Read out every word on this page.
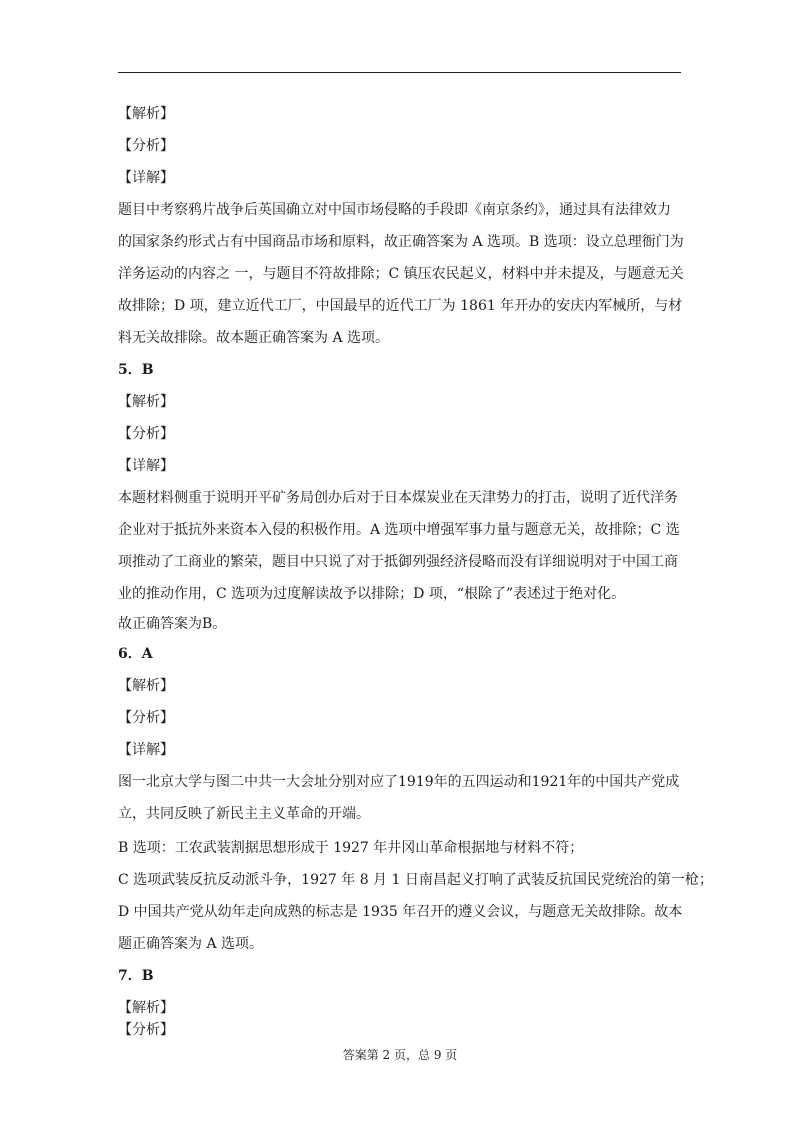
【解析】
【分析】
【详解】
题目中考察鸦片战争后英国确立对中国市场侵略的手段即《南京条约》，通过具有法律效力
的国家条约形式占有中国商品市场和原料，故正确答案为 A 选项。B 选项：设立总理衙门为
洋务运动的内容之 一，与题目不符故排除；C 镇压农民起义，材料中并未提及，与题意无关
故排除；D 项，建立近代工厂，中国最早的近代工厂为 1861 年开办的安庆内军械所，与材
料无关故排除。故本题正确答案为 A 选项。
5．B
【解析】
【分析】
【详解】
本题材料侧重于说明开平矿务局创办后对于日本煤炭业在天津势力的打击，说明了近代洋务
企业对于抵抗外来资本入侵的积极作用。A 选项中增强军事力量与题意无关，故排除；C 选
项推动了工商业的繁荣，题目中只说了对于抵御列强经济侵略而没有详细说明对于中国工商
业的推动作用，C 选项为过度解读故予以排除；D 项，“根除了”表述过于绝对化。
故正确答案为B。
6．A
【解析】
【分析】
【详解】
图一北京大学与图二中共一大会址分别对应了1919年的五四运动和1921年的中国共产党成
立，共同反映了新民主主义革命的开端。
B 选项：工农武装割据思想形成于 1927 年井冈山革命根据地与材料不符；
C 选项武装反抗反动派斗争，1927 年 8 月 1 日南昌起义打响了武装反抗国民党统治的第一枪；
D 中国共产党从幼年走向成熟的标志是 1935 年召开的遵义会议，与题意无关故排除。故本
题正确答案为 A 选项。
7．B
【解析】
【分析】
答案第 2 页，总 9 页
